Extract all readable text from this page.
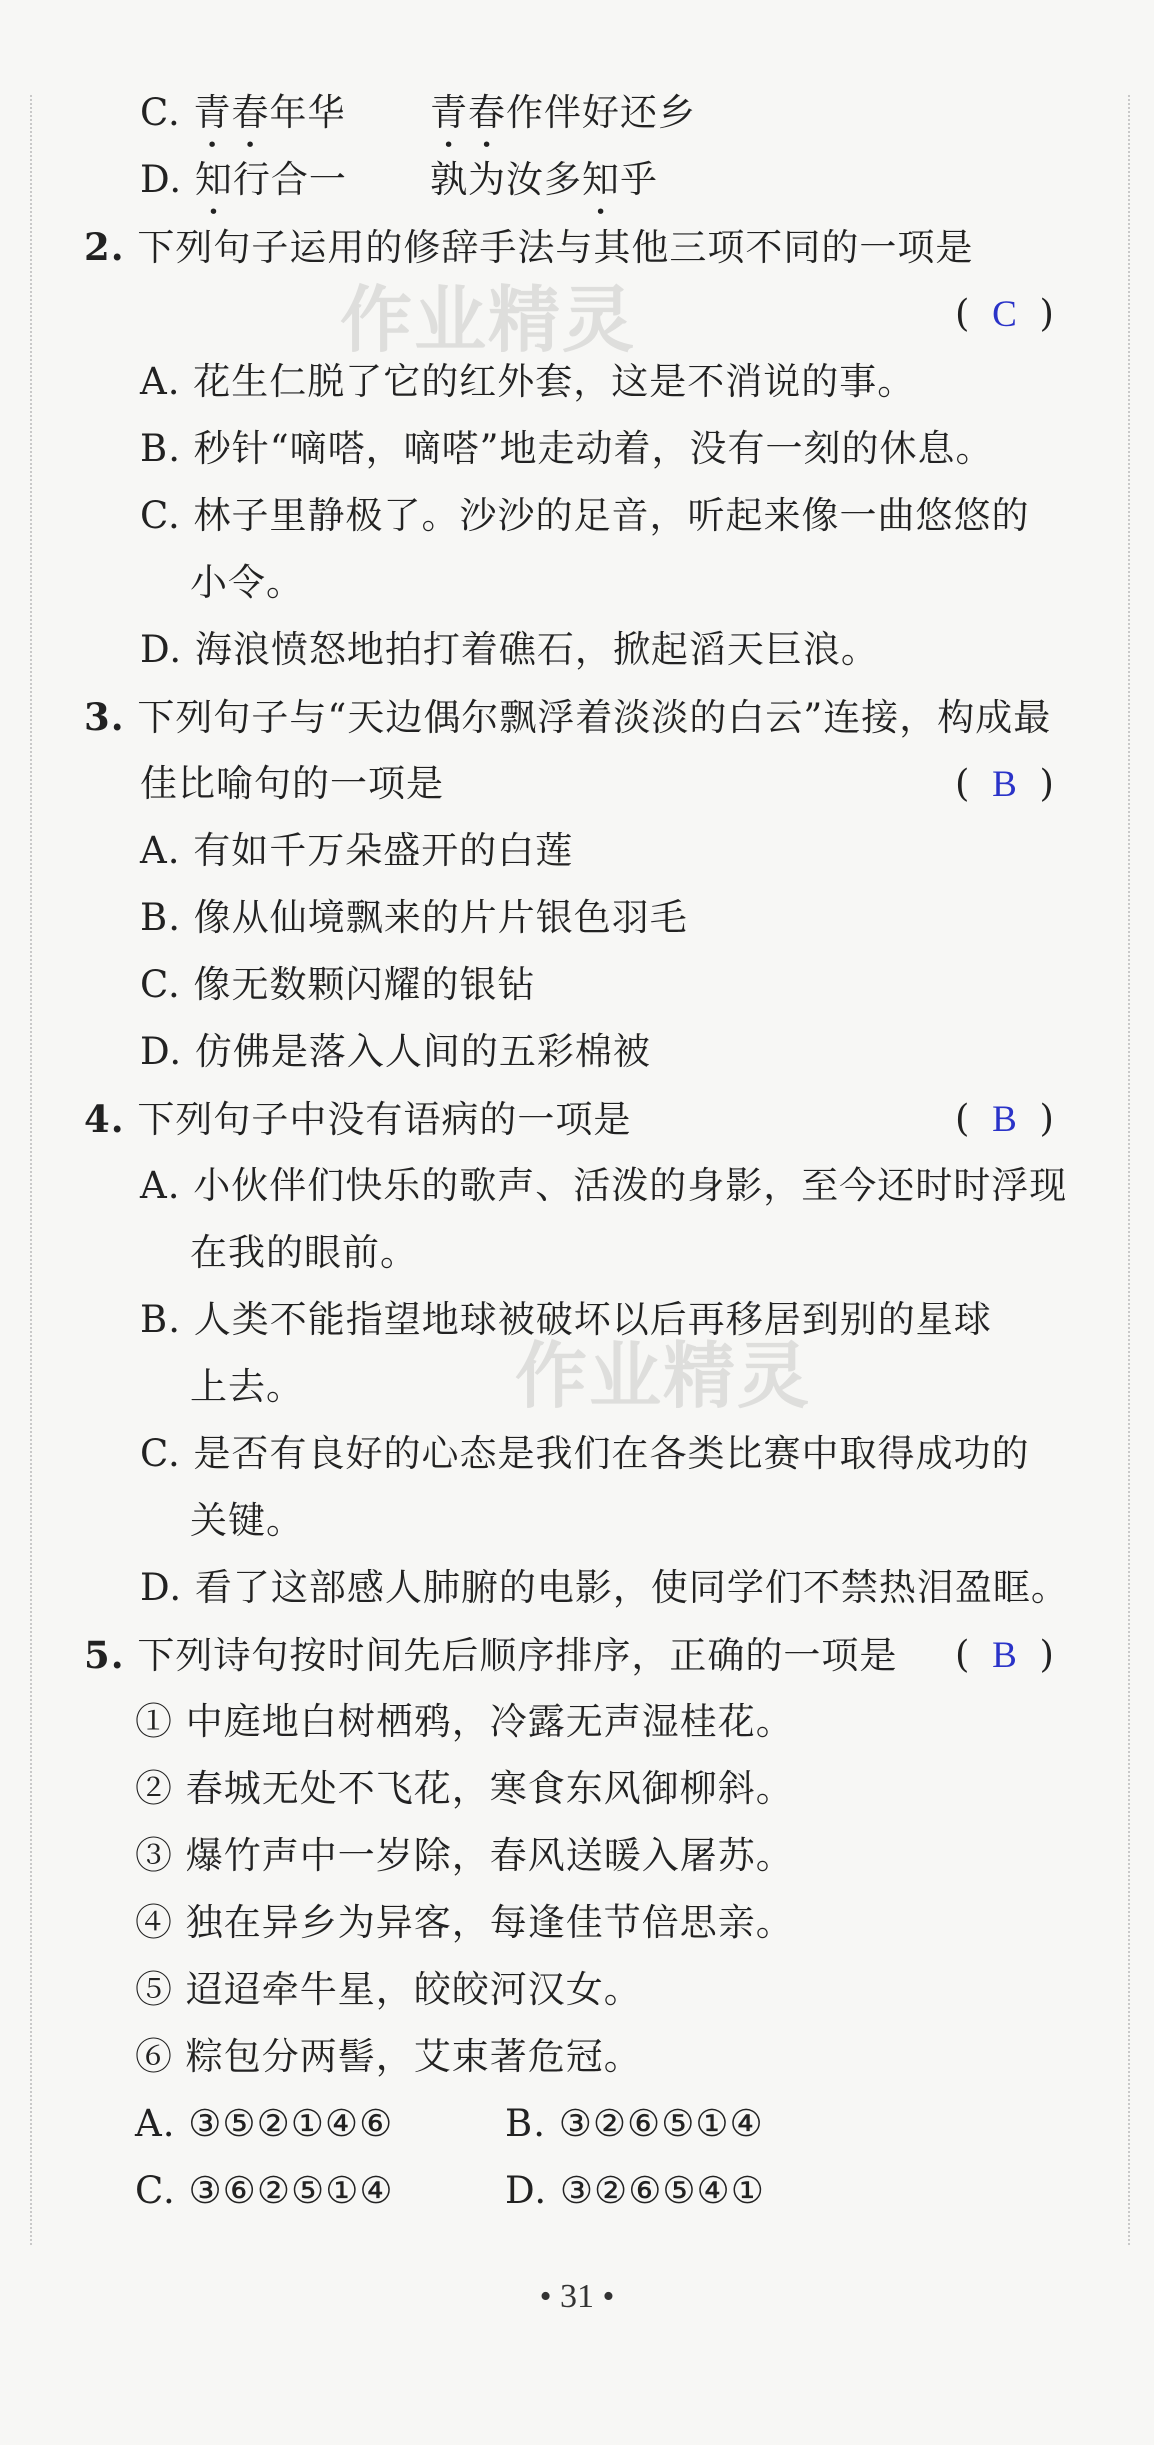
作业精灵
作业精灵
C. 青春年华 青春作伴好还乡
D. 知行合一 孰为汝多知乎
2. 下列句子运用的修辞手法与其他三项不同的一项是
( C )
A. 花生仁脱了它的红外套，这是不消说的事。
B. 秒针“嘀嗒，嘀嗒”地走动着，没有一刻的休息。
C. 林子里静极了。沙沙的足音，听起来像一曲悠悠的
小令。
D. 海浪愤怒地拍打着礁石，掀起滔天巨浪。
3. 下列句子与“天边偶尔飘浮着淡淡的白云”连接，构成最
佳比喻句的一项是	( B )
A. 有如千万朵盛开的白莲
B. 像从仙境飘来的片片银色羽毛
C. 像无数颗闪耀的银钻
D. 仿佛是落入人间的五彩棉被
4. 下列句子中没有语病的一项是	( B )
A. 小伙伴们快乐的歌声、活泼的身影，至今还时时浮现
在我的眼前。
B. 人类不能指望地球被破坏以后再移居到别的星球
上去。
C. 是否有良好的心态是我们在各类比赛中取得成功的
关键。
D. 看了这部感人肺腑的电影，使同学们不禁热泪盈眶。
5. 下列诗句按时间先后顺序排序，正确的一项是 ( B )
① 中庭地白树栖鸦，冷露无声湿桂花。
② 春城无处不飞花，寒食东风御柳斜。
③ 爆竹声中一岁除，春风送暖入屠苏。
④ 独在异乡为异客，每逢佳节倍思亲。
⑤ 迢迢牵牛星，皎皎河汉女。
⑥ 粽包分两髻，艾束著危冠。
A. ③⑤②①④⑥	B. ③②⑥⑤①④
C. ③⑥②⑤①④	D. ③②⑥⑤④①
• 31 •
